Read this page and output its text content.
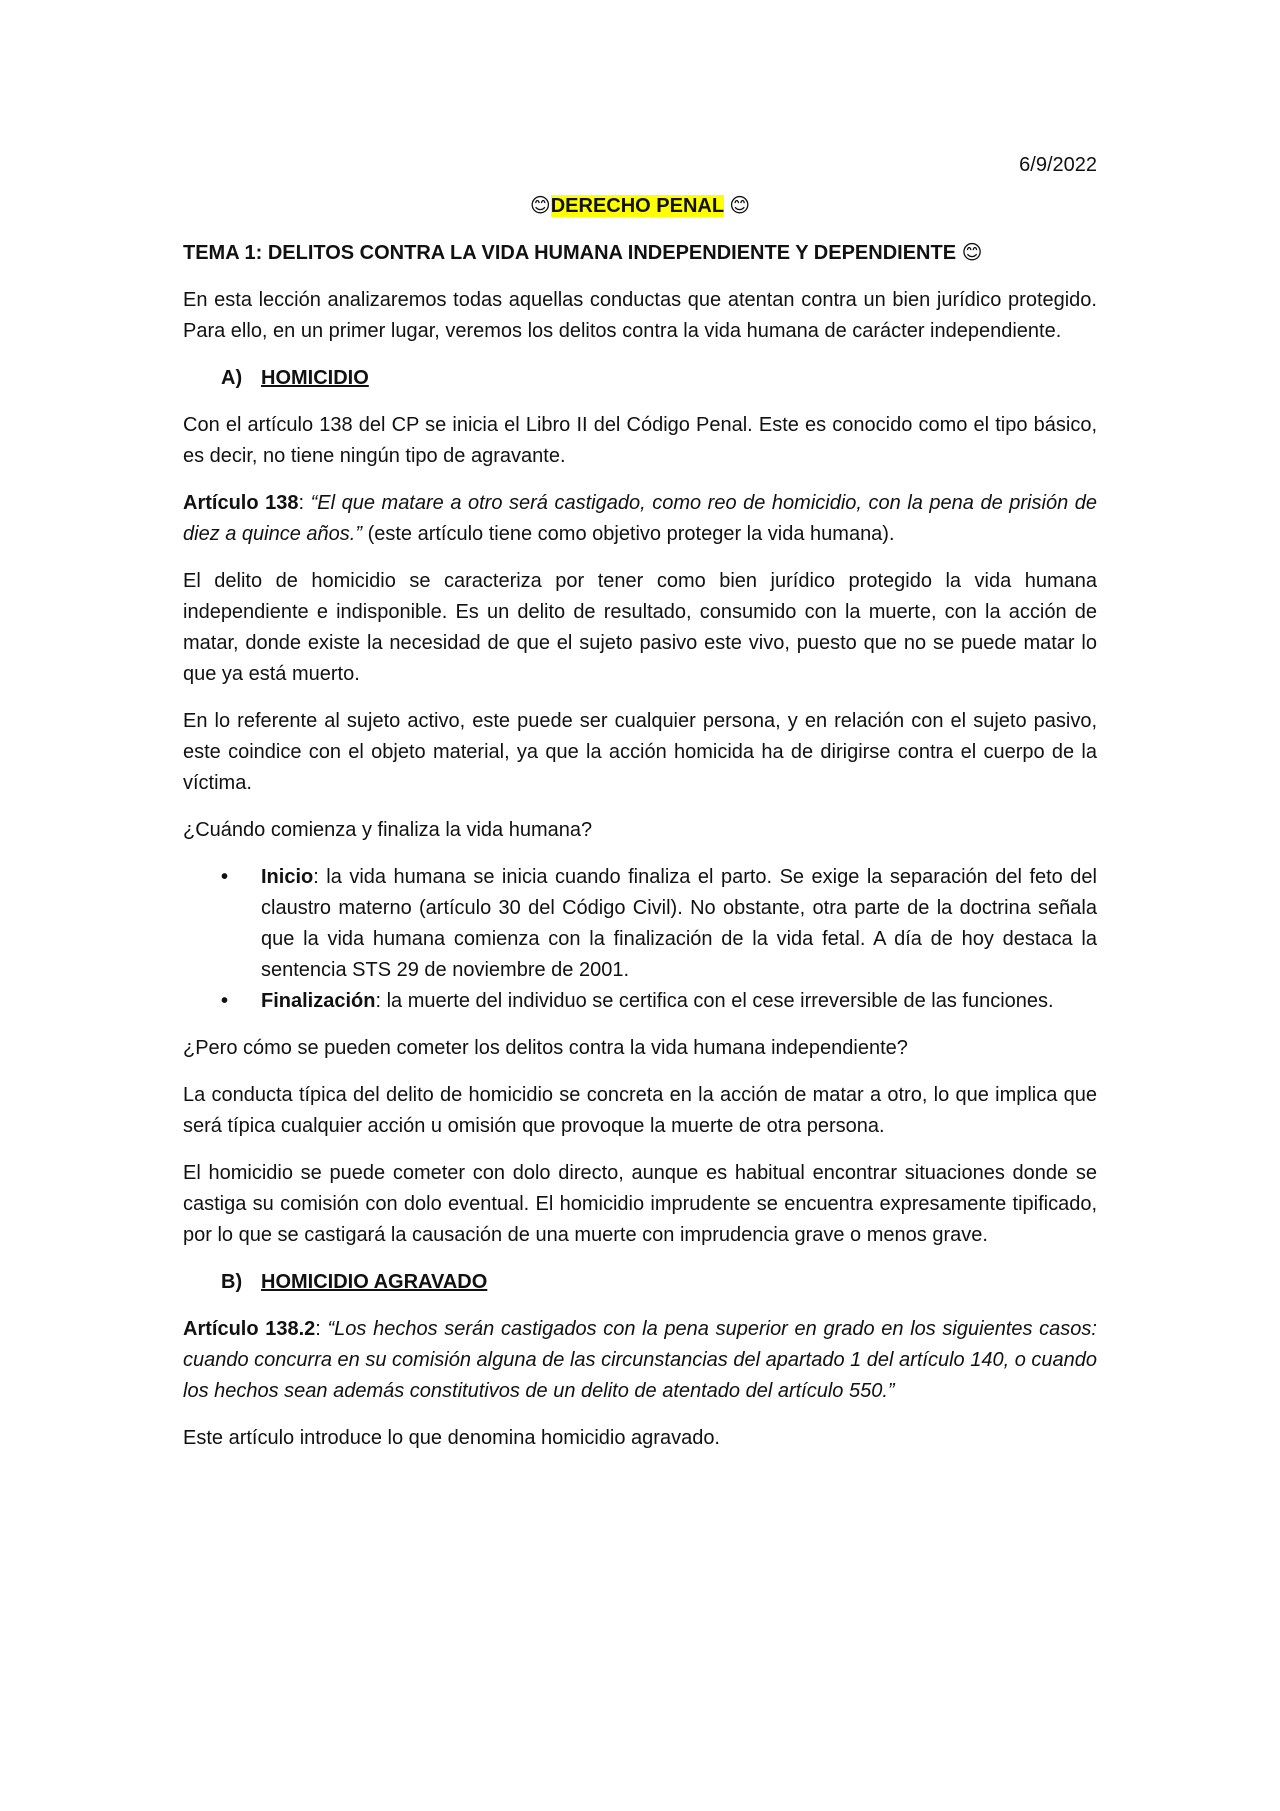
6/9/2022
😊DERECHO PENAL 😊
TEMA 1: DELITOS CONTRA LA VIDA HUMANA INDEPENDIENTE Y DEPENDIENTE 😊

En esta lección analizaremos todas aquellas conductas que atentan contra un bien jurídico protegido. Para ello, en un primer lugar, veremos los delitos contra la vida humana de carácter independiente.

A) HOMICIDIO

Con el artículo 138 del CP se inicia el Libro II del Código Penal. Este es conocido como el tipo básico, es decir, no tiene ningún tipo de agravante.

Artículo 138: “El que matare a otro será castigado, como reo de homicidio, con la pena de prisión de diez a quince años.” (este artículo tiene como objetivo proteger la vida humana).

El delito de homicidio se caracteriza por tener como bien jurídico protegido la vida humana independiente e indisponible. Es un delito de resultado, consumido con la muerte, con la acción de matar, donde existe la necesidad de que el sujeto pasivo este vivo, puesto que no se puede matar lo que ya está muerto.

En lo referente al sujeto activo, este puede ser cualquier persona, y en relación con el sujeto pasivo, este coindice con el objeto material, ya que la acción homicida ha de dirigirse contra el cuerpo de la víctima.

¿Cuándo comienza y finaliza la vida humana?

• Inicio: la vida humana se inicia cuando finaliza el parto. Se exige la separación del feto del claustro materno (artículo 30 del Código Civil). No obstante, otra parte de la doctrina señala que la vida humana comienza con la finalización de la vida fetal. A día de hoy destaca la sentencia STS 29 de noviembre de 2001.
• Finalización: la muerte del individuo se certifica con el cese irreversible de las funciones.

¿Pero cómo se pueden cometer los delitos contra la vida humana independiente?

La conducta típica del delito de homicidio se concreta en la acción de matar a otro, lo que implica que será típica cualquier acción u omisión que provoque la muerte de otra persona.

El homicidio se puede cometer con dolo directo, aunque es habitual encontrar situaciones donde se castiga su comisión con dolo eventual. El homicidio imprudente se encuentra expresamente tipificado, por lo que se castigará la causación de una muerte con imprudencia grave o menos grave.

B) HOMICIDIO AGRAVADO

Artículo 138.2: “Los hechos serán castigados con la pena superior en grado en los siguientes casos: cuando concurra en su comisión alguna de las circunstancias del apartado 1 del artículo 140, o cuando los hechos sean además constitutivos de un delito de atentado del artículo 550.”

Este artículo introduce lo que denomina homicidio agravado.
